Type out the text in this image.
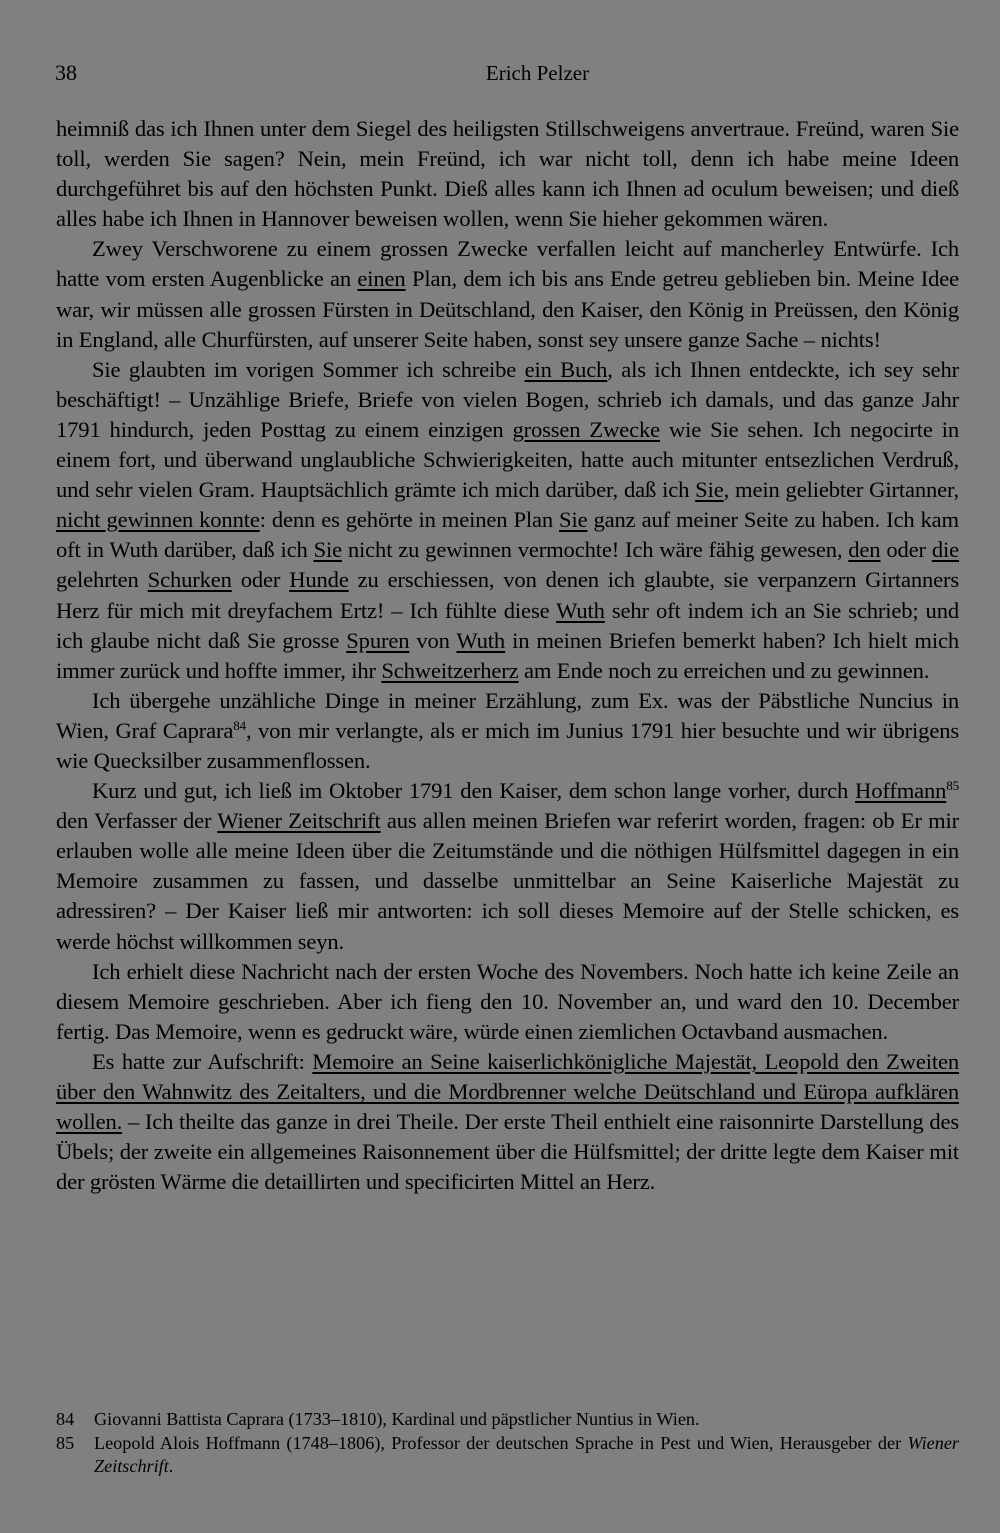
38	Erich Pelzer

heimniß das ich Ihnen unter dem Siegel des heiligsten Stillschweigens anvertraue. Freünd, waren Sie toll, werden Sie sagen? Nein, mein Freünd, ich war nicht toll, denn ich habe meine Ideen durchgeführet bis auf den höchsten Punkt. Dieß alles kann ich Ihnen ad oculum beweisen; und dieß alles habe ich Ihnen in Hannover beweisen wollen, wenn Sie hieher gekommen wären.

Zwey Verschworene zu einem grossen Zwecke verfallen leicht auf mancherley Entwürfe. Ich hatte vom ersten Augenblicke an einen Plan, dem ich bis ans Ende getreu geblieben bin. Meine Idee war, wir müssen alle grossen Fürsten in Deütschland, den Kaiser, den König in Preüssen, den König in England, alle Churfürsten, auf unserer Seite haben, sonst sey unsere ganze Sache – nichts!

Sie glaubten im vorigen Sommer ich schreibe ein Buch, als ich Ihnen entdeckte, ich sey sehr beschäftigt! – Unzählige Briefe, Briefe von vielen Bogen, schrieb ich damals, und das ganze Jahr 1791 hindurch, jeden Posttag zu einem einzigen grossen Zwecke wie Sie sehen. Ich negocirte in einem fort, und überwand unglaubliche Schwierigkeiten, hatte auch mitunter entsezlichen Verdruß, und sehr vielen Gram. Hauptsächlich grämte ich mich darüber, daß ich Sie, mein geliebter Girtanner, nicht gewinnen konnte: denn es gehörte in meinen Plan Sie ganz auf meiner Seite zu haben. Ich kam oft in Wuth darüber, daß ich Sie nicht zu gewinnen vermochte! Ich wäre fähig gewesen, den oder die gelehrten Schurken oder Hunde zu erschiessen, von denen ich glaubte, sie verpanzern Girtanners Herz für mich mit dreyfachem Ertz! – Ich fühlte diese Wuth sehr oft indem ich an Sie schrieb; und ich glaube nicht daß Sie grosse Spuren von Wuth in meinen Briefen bemerkt haben? Ich hielt mich immer zurück und hoffte immer, ihr Schweitzerherz am Ende noch zu erreichen und zu gewinnen.

Ich übergehe unzähliche Dinge in meiner Erzählung, zum Ex. was der Päbstliche Nuncius in Wien, Graf Caprara$^{84}$, von mir verlangte, als er mich im Junius 1791 hier besuchte und wir übrigens wie Quecksilber zusammenflossen.

Kurz und gut, ich ließ im Oktober 1791 den Kaiser, dem schon lange vorher, durch Hoffmann$^{85}$ den Verfasser der Wiener Zeitschrift aus allen meinen Briefen war referirt worden, fragen: ob Er mir erlauben wolle alle meine Ideen über die Zeitumstände und die nöthigen Hülfsmittel dagegen in ein Memoire zusammen zu fassen, und dasselbe unmittelbar an Seine Kaiserliche Majestät zu adressiren? – Der Kaiser ließ mir antworten: ich soll dieses Memoire auf der Stelle schicken, es werde höchst willkommen seyn.

Ich erhielt diese Nachricht nach der ersten Woche des Novembers. Noch hatte ich keine Zeile an diesem Memoire geschrieben. Aber ich fieng den 10. November an, und ward den 10. December fertig. Das Memoire, wenn es gedruckt wäre, würde einen ziemlichen Octavband ausmachen.

Es hatte zur Aufschrift: Memoire an Seine kaiserlichkönigliche Majestät, Leopold den Zweiten über den Wahnwitz des Zeitalters, und die Mordbrenner welche Deütschland und Eüropa aufklären wollen. – Ich theilte das ganze in drei Theile. Der erste Theil enthielt eine raisonnirte Darstellung des Übels; der zweite ein allgemeines Raisonnement über die Hülfsmittel; der dritte legte dem Kaiser mit der grösten Wärme die detaillirten und specificirten Mittel an Herz.

84	Giovanni Battista Caprara (1733–1810), Kardinal und päpstlicher Nuntius in Wien.

85	Leopold Alois Hoffmann (1748–1806), Professor der deutschen Sprache in Pest und Wien, Herausgeber der Wiener Zeitschrift.
